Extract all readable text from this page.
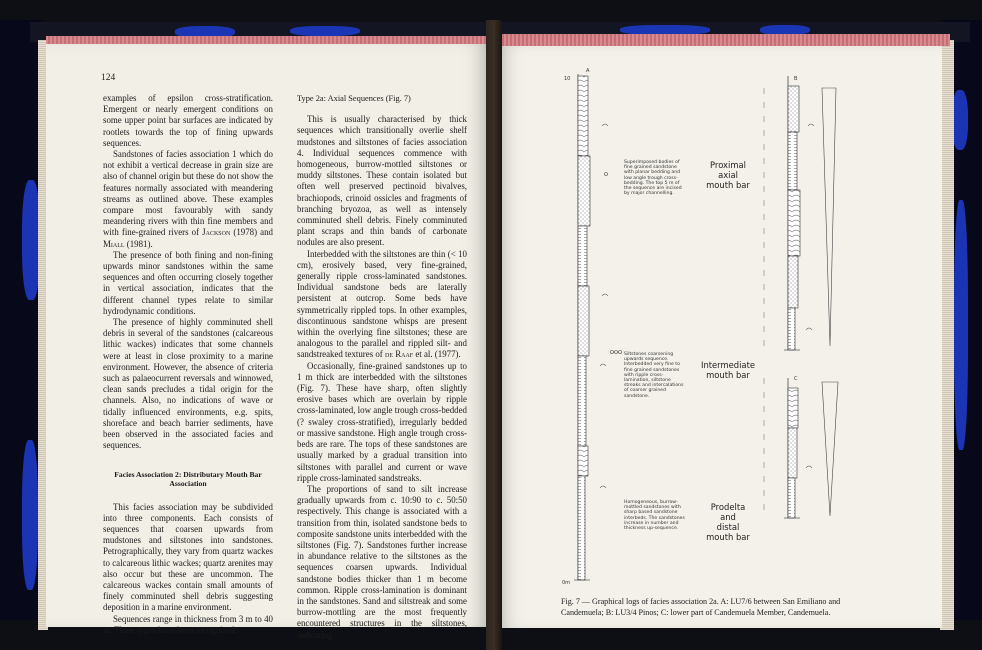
124

examples of epsilon cross-stratification. Emergent or nearly emergent conditions on some upper point bar surfaces are indicated by rootlets towards the top of fining upwards sequences.

Sandstones of facies association 1 which do not exhibit a vertical decrease in grain size are also of channel origin but these do not show the features normally associated with meandering streams as outlined above. These examples compare most favourably with sandy meandering rivers with thin fine members and with fine-grained rivers of Jackson (1978) and Miall (1981).

The presence of both fining and non-fining upwards minor sandstones within the same sequences and often occurring closely together in vertical association, indicates that the different channel types relate to similar hydrodynamic conditions.

The presence of highly comminuted shell debris in several of the sandstones (calcareous lithic wackes) indicates that some channels were at least in close proximity to a marine environment. However, the absence of criteria such as palaeocurrent reversals and winnowed, clean sands precludes a tidal origin for the channels. Also, no indications of wave or tidally influenced environments, e.g. spits, shoreface and beach barrier sediments, have been observed in the associated facies and sequences.

Facies Association 2: Distributary Mouth Bar Association

This facies association may be subdivided into three components. Each consists of sequences that coarsen upwards from mudstones and siltstones into sandstones. Petrographically, they vary from quartz wackes to calcareous lithic wackes; quartz arenites may also occur but these are uncommon. The calcareous wackes contain small amounts of finely comminuted shell debris suggesting deposition in a marine environment.

Sequences range in thickness from 3 m to 40 m. Three types have been recognised:

Type 2a: Axial Sequences (Fig. 7)

This is usually characterised by thick sequences which transitionally overlie shelf mudstones and siltstones of facies association 4. Individual sequences commence with homogeneous, burrow-mottled siltstones or muddy siltstones. These contain isolated but often well preserved pectinoid bivalves, brachiopods, crinoid ossicles and fragments of branching bryozoa, as well as intensely comminuted shell debris. Finely comminuted plant scraps and thin bands of carbonate nodules are also present.

Interbedded with the siltstones are thin (< 10 cm), erosively based, very fine-grained, generally ripple cross-laminated sandstones. Individual sandstone beds are laterally persistent at outcrop. Some beds have symmetrically rippled tops. In other examples, discontinuous sandstone whisps are present within the overlying fine siltstones; these are analogous to the parallel and rippled silt- and sandstreaked textures of de Raaf et al. (1977).

Occasionally, fine-grained sandstones up to 1 m thick are interbedded with the siltstones (Fig. 7). These have sharp, often slightly erosive bases which are overlain by ripple cross-laminated, low angle trough cross-bedded (? swaley cross-stratified), irregularly bedded or massive sandstone. High angle trough cross-beds are rare. The tops of these sandstones are usually marked by a gradual transition into siltstones with parallel and current or wave ripple cross-laminated sandstreaks.

The proportions of sand to silt increase gradually upwards from c. 10:90 to c. 50:50 respectively. This change is associated with a transition from thin, isolated sandstone beds to composite sandstone units interbedded with the siltstones (Fig. 7). Sandstones further increase in abundance relative to the siltstones as the sequences coarsen upwards. Individual sandstone bodies thicker than 1 m become common. Ripple cross-lamination is dominant in the sandstones. Sand and siltstreak and some burrow-mottling are the most frequently encountered structures in the siltstones, indicating

A
10
0m
B
C
Superimposed bodies of fine grained sandstone with planar bedding and low angle trough cross-bedding. The top 5 m of the sequence are incised by major channelling.
Siltstones coarsening upwards sequence. Interbedded very fine to fine grained sandstones with ripple cross-lamination, siltstone streaks and intercalations of coarser grained sandstone.
Homogeneous, burrow-mottled sandstones with sharp based sandstone interbeds. The sandstones increase in number and thickness up-sequence.
Proximal
axial
mouth bar
Intermediate
mouth bar
Prodelta
and
distal
mouth bar
Fig. 7 — Graphical logs of facies association 2a. A: LU7/6 between San Emiliano and Candemuela; B: LU3/4 Pinos; C: lower part of Candemuela Member, Candemuela.
